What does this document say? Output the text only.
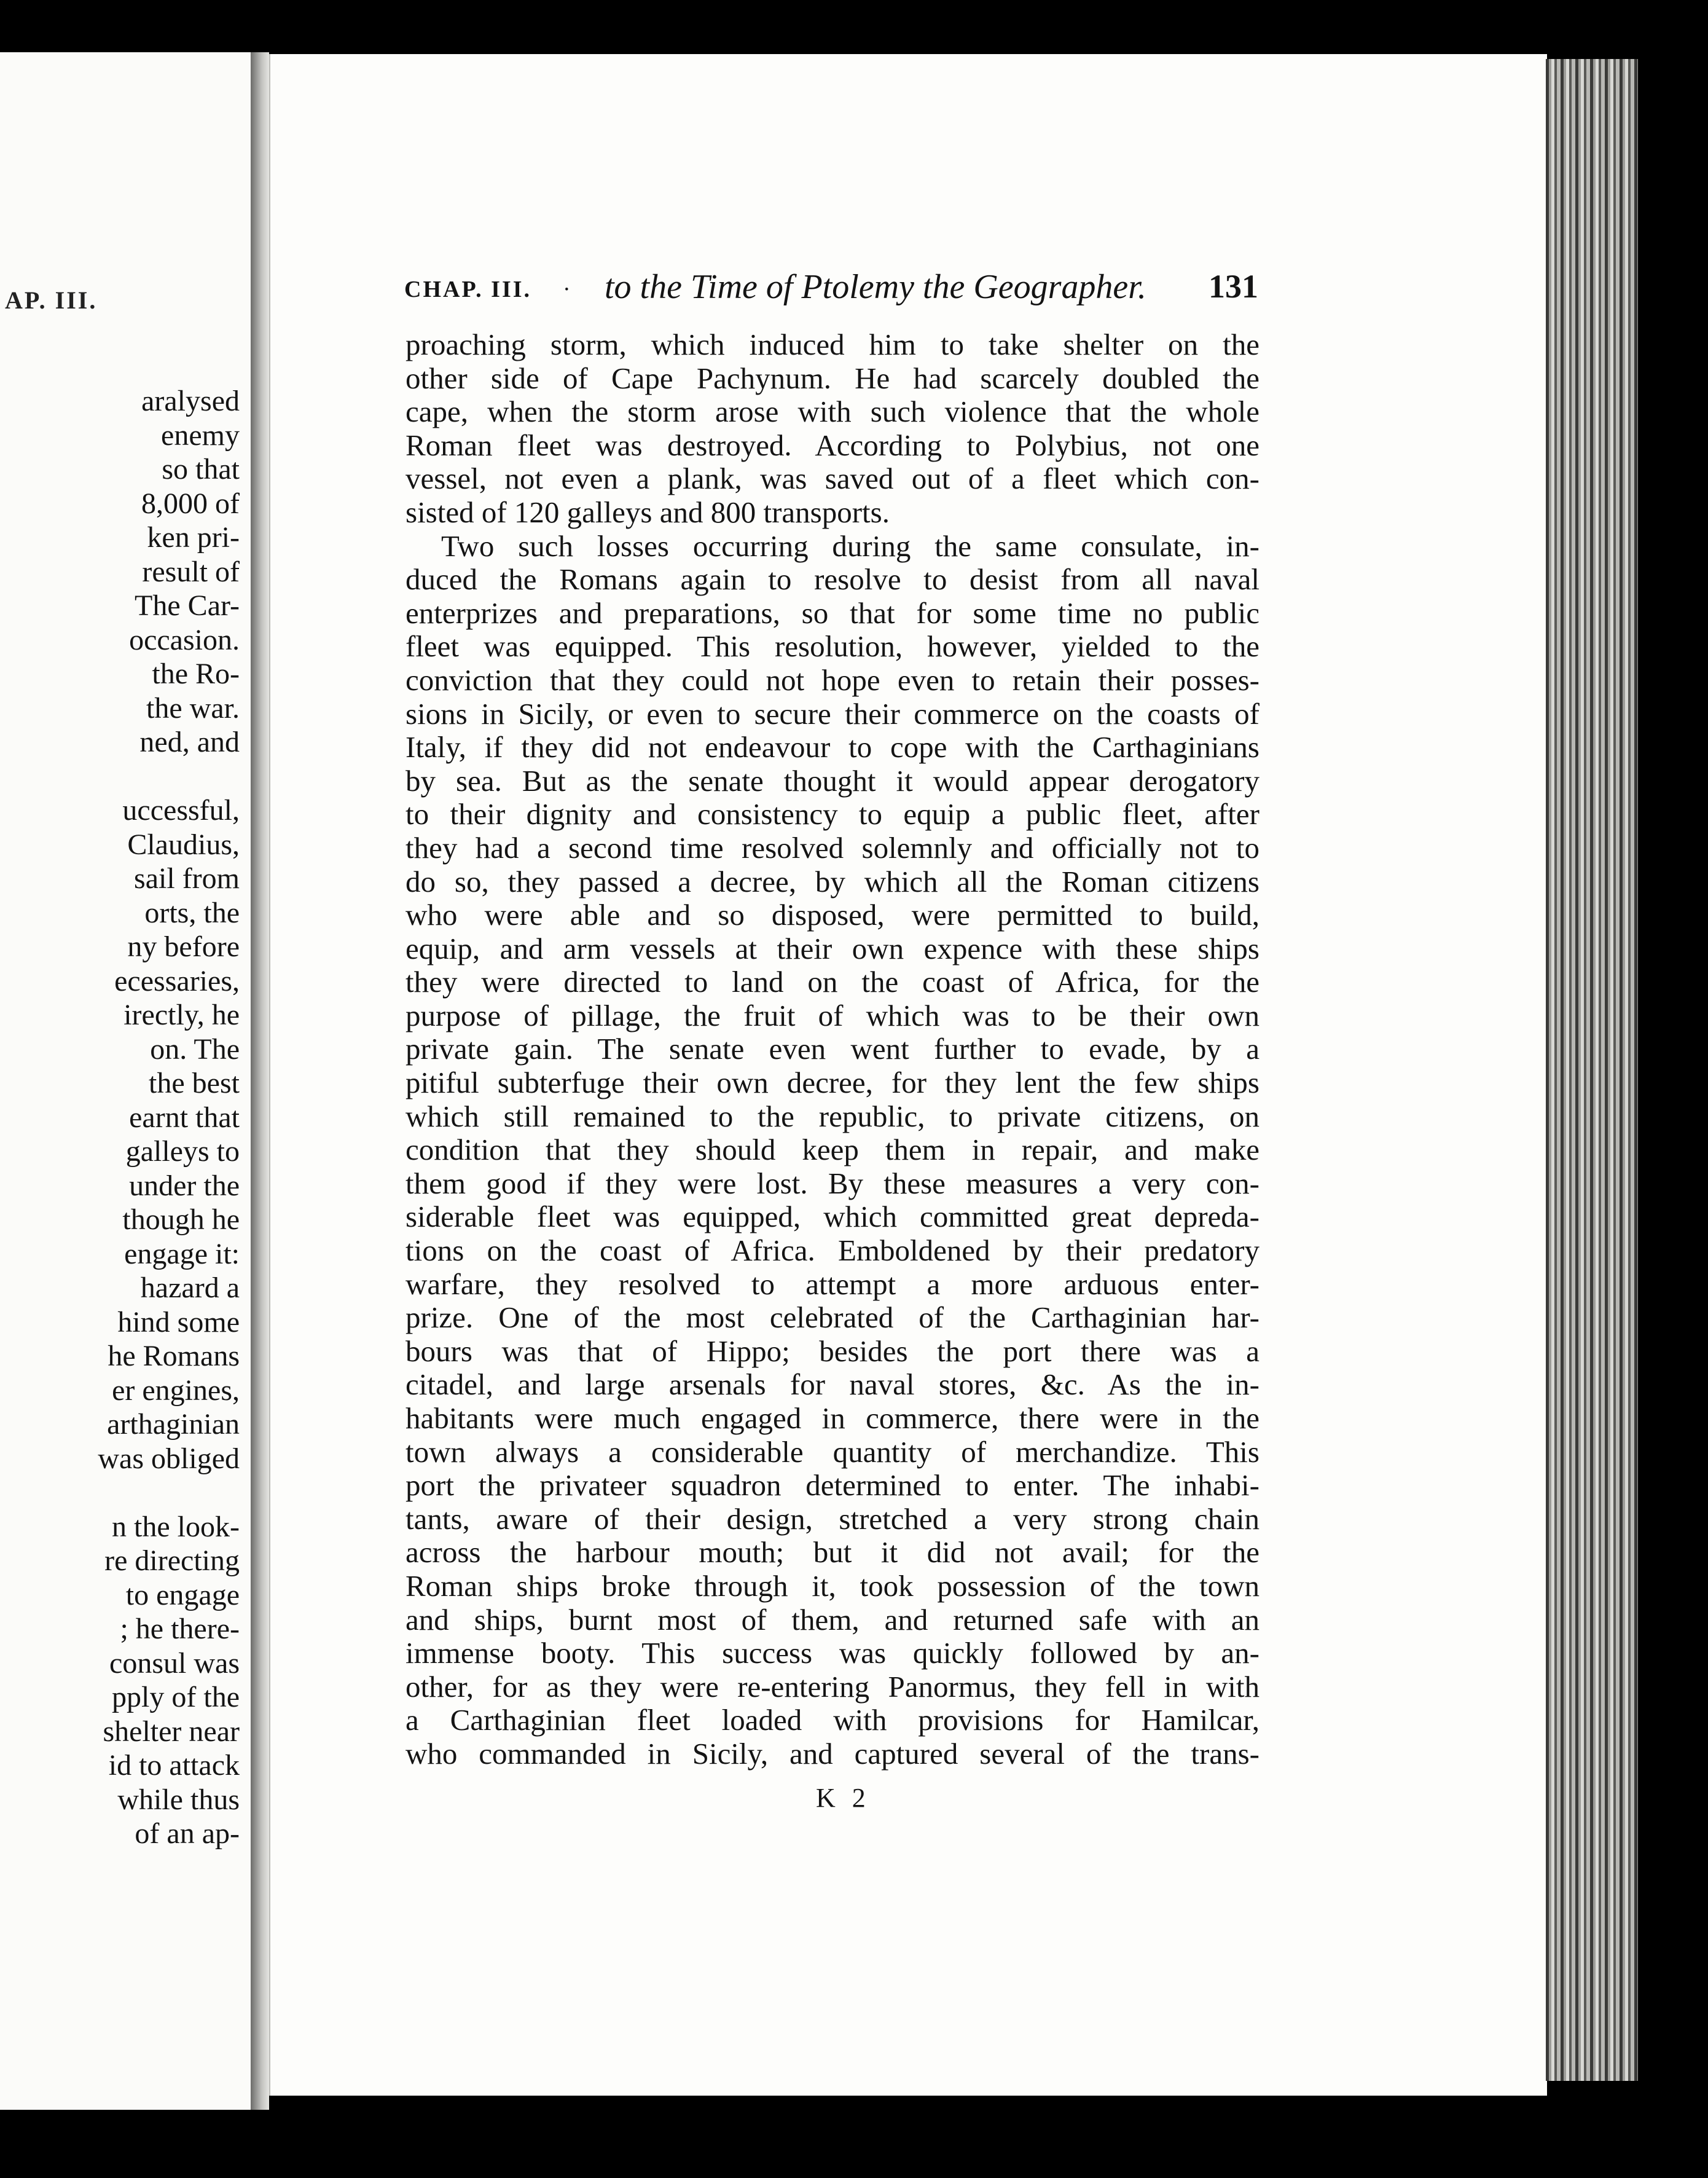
AP. III.
aralysed
enemy
so that
8,000 of
ken pri-
result of
The Car-
occasion.
the Ro-
the war.
ned, and
uccessful,
Claudius,
sail from
orts, the
ny before
ecessaries,
irectly, he
on. The
the best
earnt that
galleys to
under the
though he
engage it:
hazard a
hind some
he Romans
er engines,
arthaginian
was obliged
n the look-
re directing
to engage
; he there-
consul was
pply of the
shelter near
id to attack
while thus
of an ap-
CHAP. III. · to the Time of Ptolemy the Geographer. 131
proaching storm, which induced him to take shelter on the
other side of Cape Pachynum. He had scarcely doubled the
cape, when the storm arose with such violence that the whole
Roman fleet was destroyed. According to Polybius, not one
vessel, not even a plank, was saved out of a fleet which con-
sisted of 120 galleys and 800 transports.
Two such losses occurring during the same consulate, in-
duced the Romans again to resolve to desist from all naval
enterprizes and preparations, so that for some time no public
fleet was equipped. This resolution, however, yielded to the
conviction that they could not hope even to retain their posses-
sions in Sicily, or even to secure their commerce on the coasts of
Italy, if they did not endeavour to cope with the Carthaginians
by sea. But as the senate thought it would appear derogatory
to their dignity and consistency to equip a public fleet, after
they had a second time resolved solemnly and officially not to
do so, they passed a decree, by which all the Roman citizens
who were able and so disposed, were permitted to build,
equip, and arm vessels at their own expence with these ships
they were directed to land on the coast of Africa, for the
purpose of pillage, the fruit of which was to be their own
private gain. The senate even went further to evade, by a
pitiful subterfuge their own decree, for they lent the few ships
which still remained to the republic, to private citizens, on
condition that they should keep them in repair, and make
them good if they were lost. By these measures a very con-
siderable fleet was equipped, which committed great depreda-
tions on the coast of Africa. Emboldened by their predatory
warfare, they resolved to attempt a more arduous enter-
prize. One of the most celebrated of the Carthaginian har-
bours was that of Hippo; besides the port there was a
citadel, and large arsenals for naval stores, &c. As the in-
habitants were much engaged in commerce, there were in the
town always a considerable quantity of merchandize. This
port the privateer squadron determined to enter. The inhabi-
tants, aware of their design, stretched a very strong chain
across the harbour mouth; but it did not avail; for the
Roman ships broke through it, took possession of the town
and ships, burnt most of them, and returned safe with an
immense booty. This success was quickly followed by an-
other, for as they were re-entering Panormus, they fell in with
a Carthaginian fleet loaded with provisions for Hamilcar,
who commanded in Sicily, and captured several of the trans-
K 2
